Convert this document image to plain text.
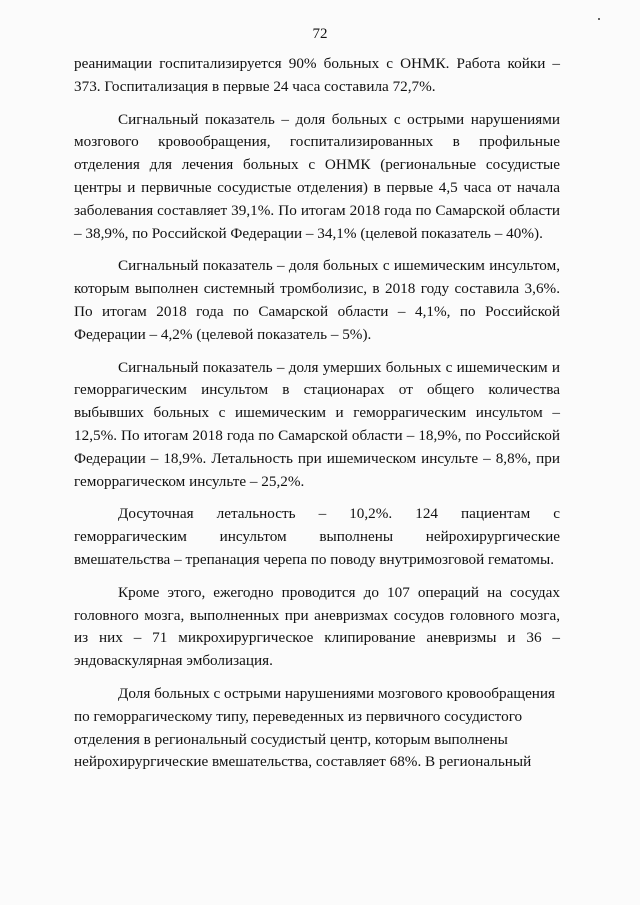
72

реанимации госпитализируется 90% больных с ОНМК. Работа койки – 373. Госпитализация в первые 24 часа составила 72,7%.

Сигнальный показатель – доля больных с острыми нарушениями мозгового кровообращения, госпитализированных в профильные отделения для лечения больных с ОНМК (региональные сосудистые центры и первичные сосудистые отделения) в первые 4,5 часа от начала заболевания составляет 39,1%. По итогам 2018 года по Самарской области – 38,9%, по Российской Федерации – 34,1% (целевой показатель – 40%).

Сигнальный показатель – доля больных с ишемическим инсультом, которым выполнен системный тромболизис, в 2018 году составила 3,6%. По итогам 2018 года по Самарской области – 4,1%, по Российской Федерации – 4,2% (целевой показатель – 5%).

Сигнальный показатель – доля умерших больных с ишемическим и геморрагическим инсультом в стационарах от общего количества выбывших больных с ишемическим и геморрагическим инсультом – 12,5%. По итогам 2018 года по Самарской области – 18,9%, по Российской Федерации – 18,9%. Летальность при ишемическом инсульте – 8,8%, при геморрагическом инсульте – 25,2%.

Досуточная летальность – 10,2%. 124 пациентам с геморрагическим инсультом выполнены нейрохирургические вмешательства – трепанация черепа по поводу внутримозговой гематомы.

Кроме этого, ежегодно проводится до 107 операций на сосудах головного мозга, выполненных при аневризмах сосудов головного мозга, из них – 71 микрохирургическое клипирование аневризмы и 36 – эндоваскулярная эмболизация.

Доля больных с острыми нарушениями мозгового кровообращения по геморрагическому типу, переведенных из первичного сосудистого отделения в региональный сосудистый центр, которым выполнены нейрохирургические вмешательства, составляет 68%. В региональный
